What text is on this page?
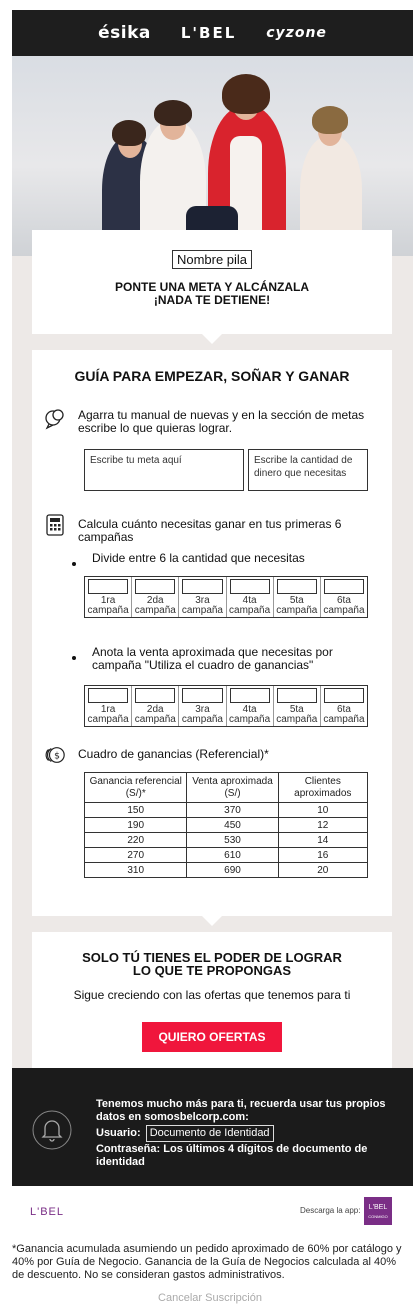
ésika L'BEL cyzone
Nombre pila
PONTE UNA META Y ALCÁNZALA
¡NADA TE DETIENE!
GUÍA PARA EMPEZAR, SOÑAR Y GANAR
Agarra tu manual de nuevas y en la sección de metas escribe lo que quieras lograr.
Escribe tu meta aquí	Escribe la cantidad de dinero que necesitas
Calcula cuánto necesitas ganar en tus primeras 6 campañas
Divide entre 6 la cantidad que necesitas
1ra
campaña
2da
campaña
3ra
campaña
4ta
campaña
5ta
campaña
6ta
campaña
Anota la venta aproximada que necesitas por campaña "Utiliza el cuadro de ganancias"
1ra
campaña
2da
campaña
3ra
campaña
4ta
campaña
5ta
campaña
6ta
campaña
$ Cuadro de ganancias (Referencial)*
Ganancia referencial (S/)*	Venta aproximada (S/)	Clientes aproximados
150	370	10
190	450	12
220	530	14
270	610	16
310	690	20
SOLO TÚ TIENES EL PODER DE LOGRAR
LO QUE TE PROPONGAS
Sigue creciendo con las ofertas que tenemos para ti
QUIERO OFERTAS
Tenemos mucho más para ti, recuerda usar tus propios datos en somosbelcorp.com:
Usuario: Documento de Identidad
Contraseña: Los últimos 4 dígitos de documento de identidad
L'BEL	Descarga la app:	L'BEL
CONMIGO
*Ganancia acumulada asumiendo un pedido aproximado de 60% por catálogo y 40% por Guía de Negocio. Ganancia de la Guía de Negocios calculada al 40% de descuento. No se consideran gastos administrativos.
Cancelar Suscripción
